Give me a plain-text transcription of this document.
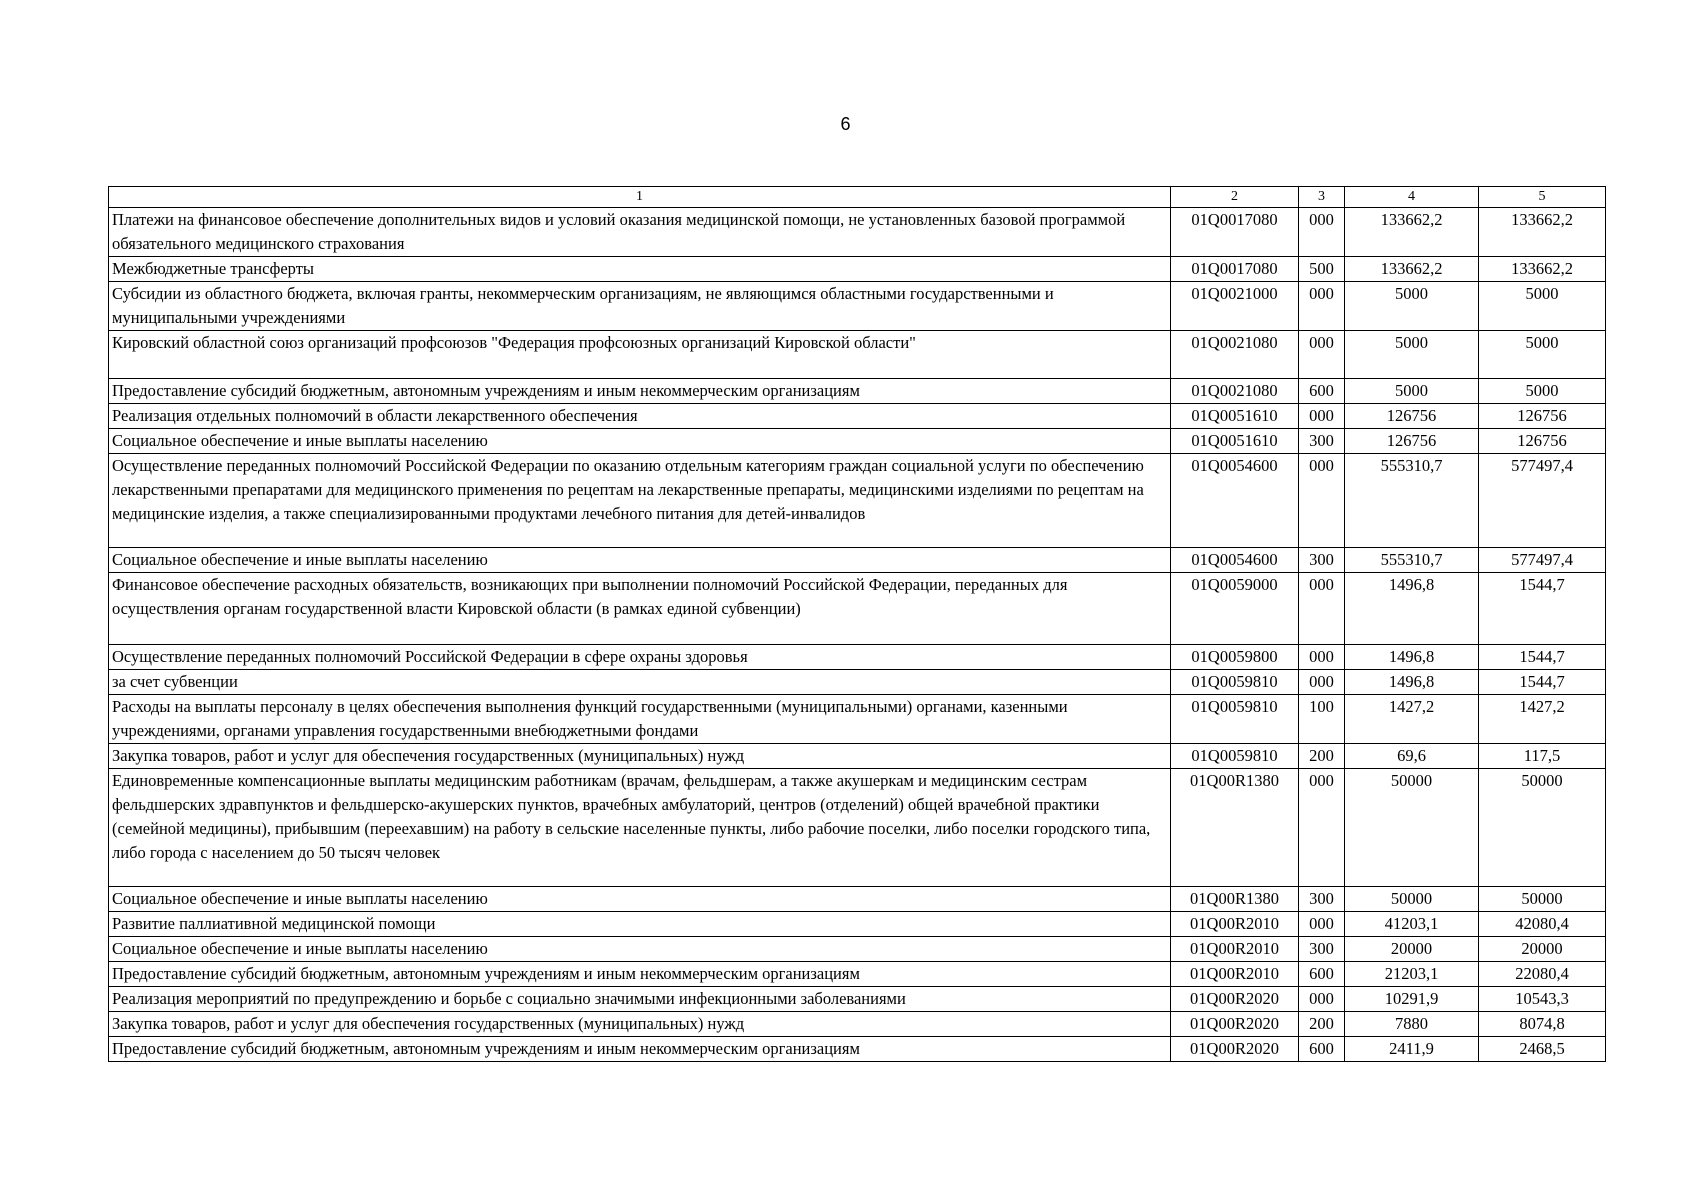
6
1	2	3	4	5
Платежи на финансовое обеспечение дополнительных видов и условий оказания медицинской помощи, не установленных базовой программой обязательного медицинского страхования	01Q0017080	000	133662,2	133662,2
Межбюджетные трансферты	01Q0017080	500	133662,2	133662,2
Субсидии из областного бюджета, включая гранты, некоммерческим организациям, не являющимся областными государственными и муниципальными учреждениями	01Q0021000	000	5000	5000
Кировский областной союз организаций профсоюзов "Федерация профсоюзных организаций Кировской области"	01Q0021080	000	5000	5000
Предоставление субсидий бюджетным, автономным учреждениям и иным некоммерческим организациям	01Q0021080	600	5000	5000
Реализация отдельных полномочий в области лекарственного обеспечения	01Q0051610	000	126756	126756
Социальное обеспечение и иные выплаты населению	01Q0051610	300	126756	126756
Осуществление переданных полномочий Российской Федерации по оказанию отдельным категориям граждан социальной услуги по обеспечению лекарственными препаратами для медицинского применения по рецептам на лекарственные препараты, медицинскими изделиями по рецептам на медицинские изделия, а также специализированными продуктами лечебного питания для детей-инвалидов	01Q0054600	000	555310,7	577497,4
Социальное обеспечение и иные выплаты населению	01Q0054600	300	555310,7	577497,4
Финансовое обеспечение расходных обязательств, возникающих при выполнении полномочий Российской Федерации, переданных для осуществления органам государственной власти Кировской области (в рамках единой субвенции)	01Q0059000	000	1496,8	1544,7
Осуществление переданных полномочий Российской Федерации в сфере охраны здоровья	01Q0059800	000	1496,8	1544,7
за счет субвенции	01Q0059810	000	1496,8	1544,7
Расходы на выплаты персоналу в целях обеспечения выполнения функций государственными (муниципальными) органами, казенными учреждениями, органами управления государственными внебюджетными фондами	01Q0059810	100	1427,2	1427,2
Закупка товаров, работ и услуг для обеспечения государственных (муниципальных) нужд	01Q0059810	200	69,6	117,5
Единовременные компенсационные выплаты медицинским работникам (врачам, фельдшерам, а также акушеркам и медицинским сестрам фельдшерских здравпунктов и фельдшерско-акушерских пунктов, врачебных амбулаторий, центров (отделений) общей врачебной практики (семейной медицины), прибывшим (переехавшим) на работу в сельские населенные пункты, либо рабочие поселки, либо поселки городского типа, либо города с населением до 50 тысяч человек	01Q00R1380	000	50000	50000
Социальное обеспечение и иные выплаты населению	01Q00R1380	300	50000	50000
Развитие паллиативной медицинской помощи	01Q00R2010	000	41203,1	42080,4
Социальное обеспечение и иные выплаты населению	01Q00R2010	300	20000	20000
Предоставление субсидий бюджетным, автономным учреждениям и иным некоммерческим организациям	01Q00R2010	600	21203,1	22080,4
Реализация мероприятий по предупреждению и борьбе с социально значимыми инфекционными заболеваниями	01Q00R2020	000	10291,9	10543,3
Закупка товаров, работ и услуг для обеспечения государственных (муниципальных) нужд	01Q00R2020	200	7880	8074,8
Предоставление субсидий бюджетным, автономным учреждениям и иным некоммерческим организациям	01Q00R2020	600	2411,9	2468,5
